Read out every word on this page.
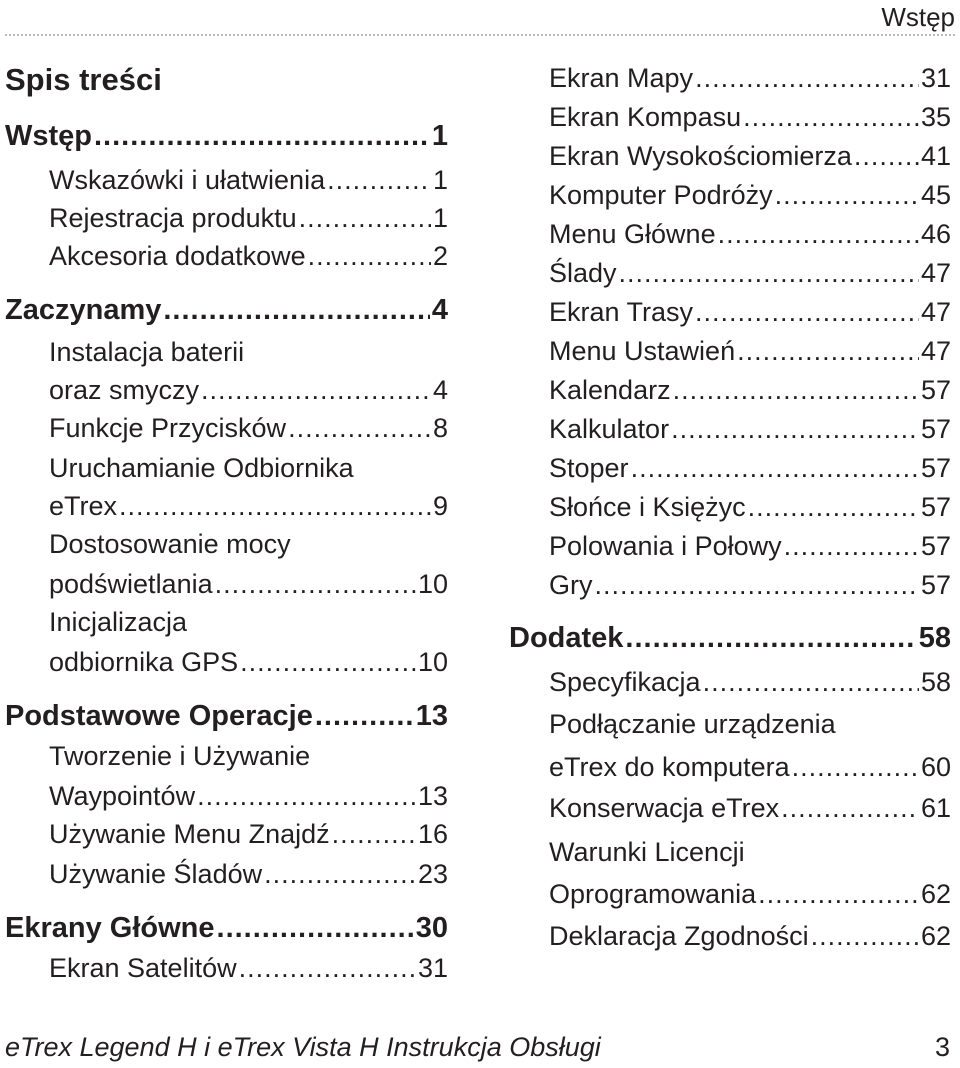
Wstęp
Spis treści
Wstęp .....	1
Wskazówki i ułatwienia .....	1
Rejestracja produktu .....	1
Akcesoria dodatkowe .....	2
Zaczynamy .....	4
Instalacja baterii
oraz smyczy .....	4
Funkcje Przycisków .....	8
Uruchamianie Odbiornika
eTrex .....	9
Dostosowanie mocy
podświetlania .....	10
Inicjalizacja
odbiornika GPS .....	10
Podstawowe Operacje .....	13
Tworzenie i Używanie
Waypointów .....	13
Używanie Menu Znajdź .....	16
Używanie Śladów .....	23
Ekrany Główne .....	30
Ekran Satelitów .....	31
Ekran Mapy .....	31
Ekran Kompasu .....	35
Ekran Wysokościomierza .....	41
Komputer Podróży .....	45
Menu Główne .....	46
Ślady .....	47
Ekran Trasy .....	47
Menu Ustawień .....	47
Kalendarz .....	57
Kalkulator .....	57
Stoper .....	57
Słońce i Księżyc .....	57
Polowania i Połowy .....	57
Gry .....	57
Dodatek .....	58
Specyfikacja .....	58
Podłączanie urządzenia
eTrex do komputera .....	60
Konserwacja eTrex .....	61
Warunki Licencji
Oprogramowania .....	62
Deklaracja Zgodności .....	62
eTrex Legend H i eTrex Vista H Instrukcja Obsługi	3
